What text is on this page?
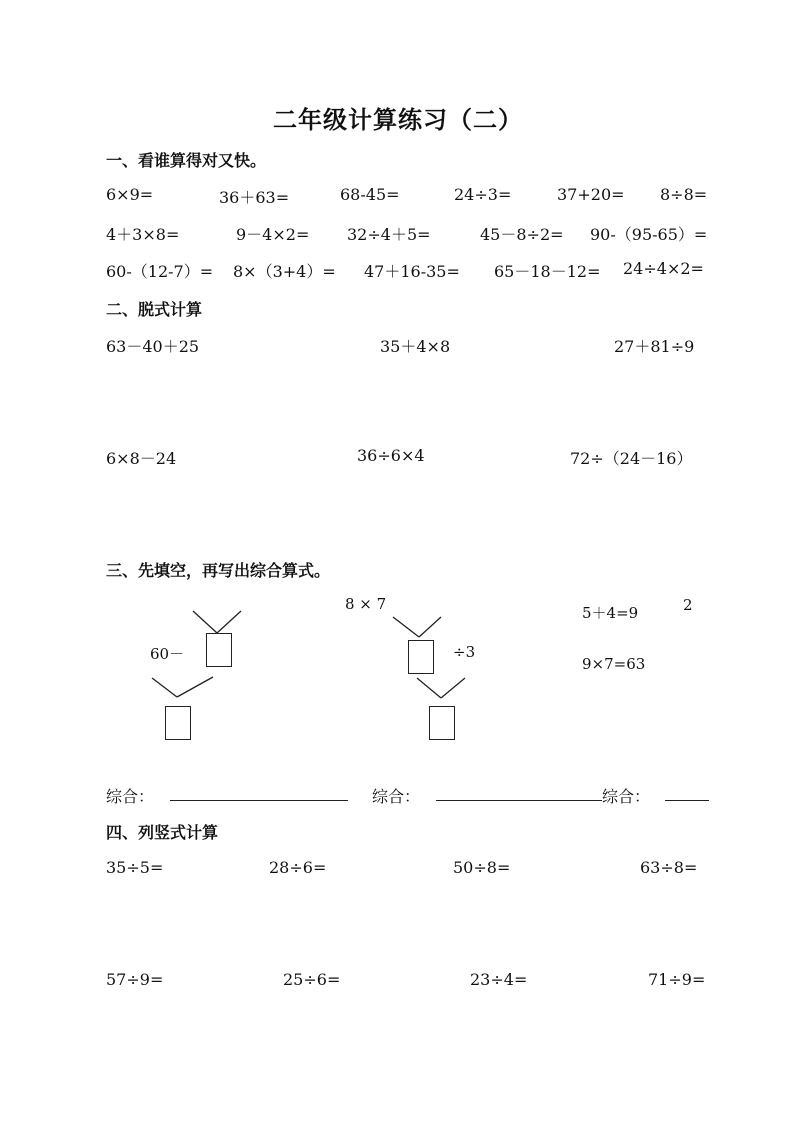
二年级计算练习（二）
一、看谁算得对又快。
6×9=	36＋63=	68-45=	24÷3=	37+20= 8÷8=
4＋3×8=	9－4×2= 32÷4＋5=	45－8÷2= 90-（95-65）=
60-（12-7）= 8×（3+4）= 47＋16-35= 65－18－12= 24÷4×2=
二、脱式计算
63－40＋25	35＋4×8	27＋81÷9
6×8－24	36÷6×4	72÷（24－16）
三、先填空，再写出综合算式。
60－
8 × 7
÷3
5＋4=9	2
9×7=63
综合：	综合：	综合：
四、列竖式计算
35÷5=	28÷6=	50÷8=	63÷8=
57÷9=	25÷6=	23÷4=	71÷9=
